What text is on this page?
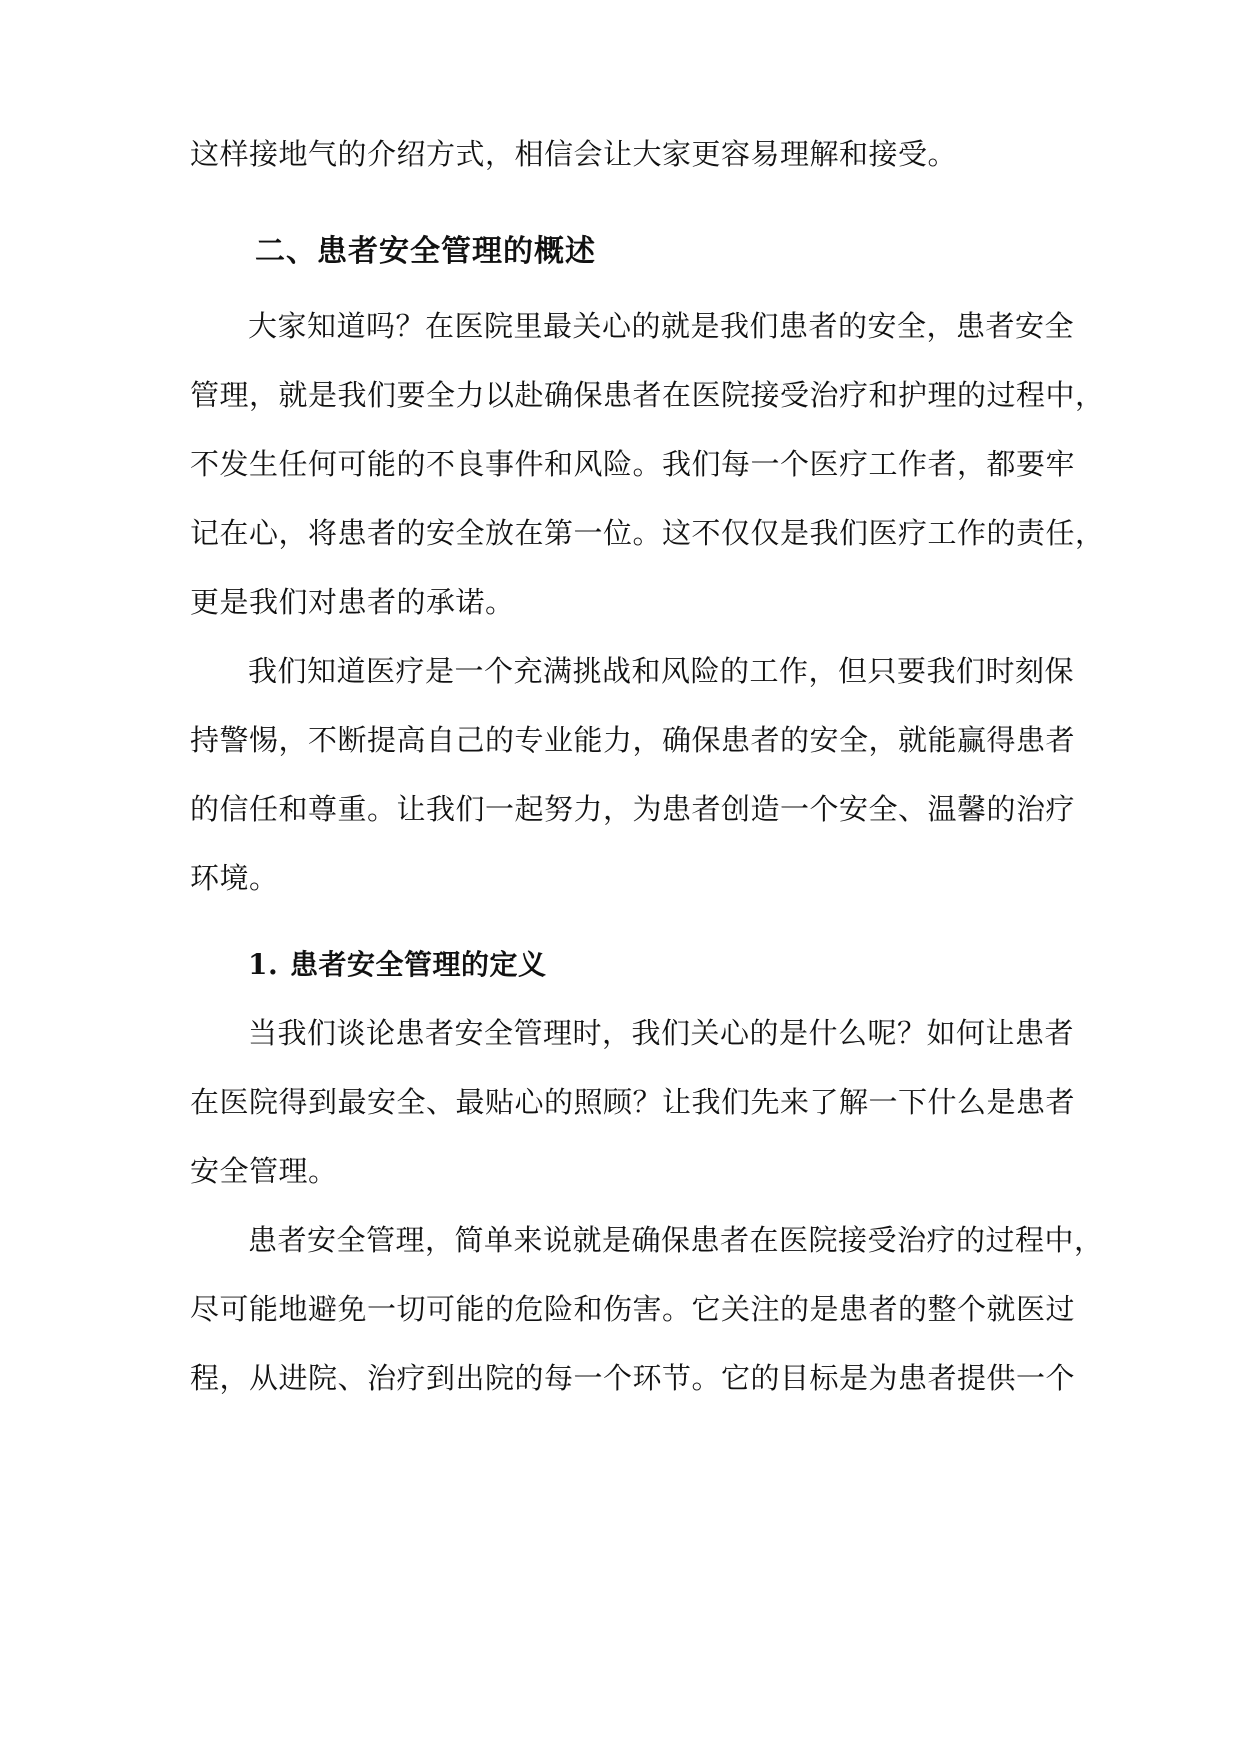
这样接地气的介绍方式，相信会让大家更容易理解和接受。
二、患者安全管理的概述
大家知道吗？在医院里最关心的就是我们患者的安全，患者安全
管理，就是我们要全力以赴确保患者在医院接受治疗和护理的过程中，
不发生任何可能的不良事件和风险。我们每一个医疗工作者，都要牢
记在心，将患者的安全放在第一位。这不仅仅是我们医疗工作的责任，
更是我们对患者的承诺。
我们知道医疗是一个充满挑战和风险的工作，但只要我们时刻保
持警惕，不断提高自己的专业能力，确保患者的安全，就能赢得患者
的信任和尊重。让我们一起努力，为患者创造一个安全、温馨的治疗
环境。
1. 患者安全管理的定义
当我们谈论患者安全管理时，我们关心的是什么呢？如何让患者
在医院得到最安全、最贴心的照顾？让我们先来了解一下什么是患者
安全管理。
患者安全管理，简单来说就是确保患者在医院接受治疗的过程中，
尽可能地避免一切可能的危险和伤害。它关注的是患者的整个就医过
程，从进院、治疗到出院的每一个环节。它的目标是为患者提供一个
